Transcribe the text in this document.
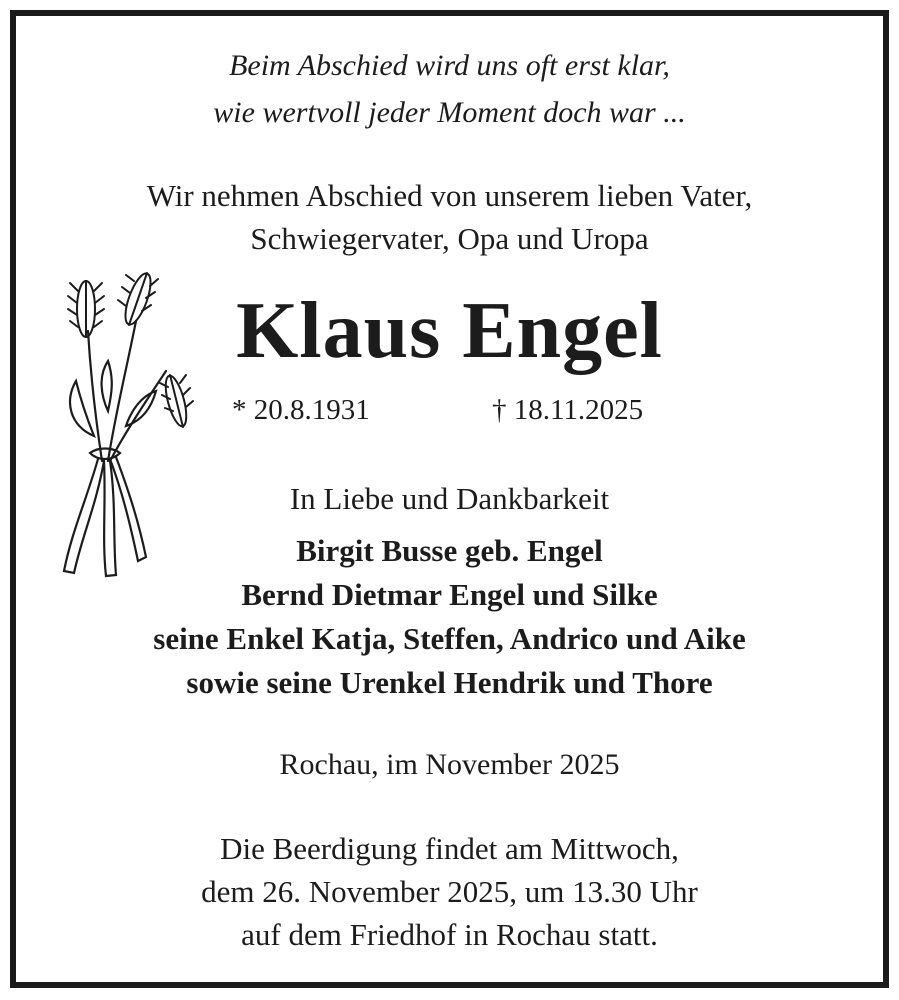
Beim Abschied wird uns oft erst klar,
wie wertvoll jeder Moment doch war ...
Wir nehmen Abschied von unserem lieben Vater,
Schwiegervater, Opa und Uropa
Klaus Engel
* 20.8.1931	† 18.11.2025
In Liebe und Dankbarkeit
Birgit Busse geb. Engel
Bernd Dietmar Engel und Silke
seine Enkel Katja, Steffen, Andrico und Aike
sowie seine Urenkel Hendrik und Thore
Rochau, im November 2025
Die Beerdigung findet am Mittwoch,
dem 26. November 2025, um 13.30 Uhr
auf dem Friedhof in Rochau statt.
